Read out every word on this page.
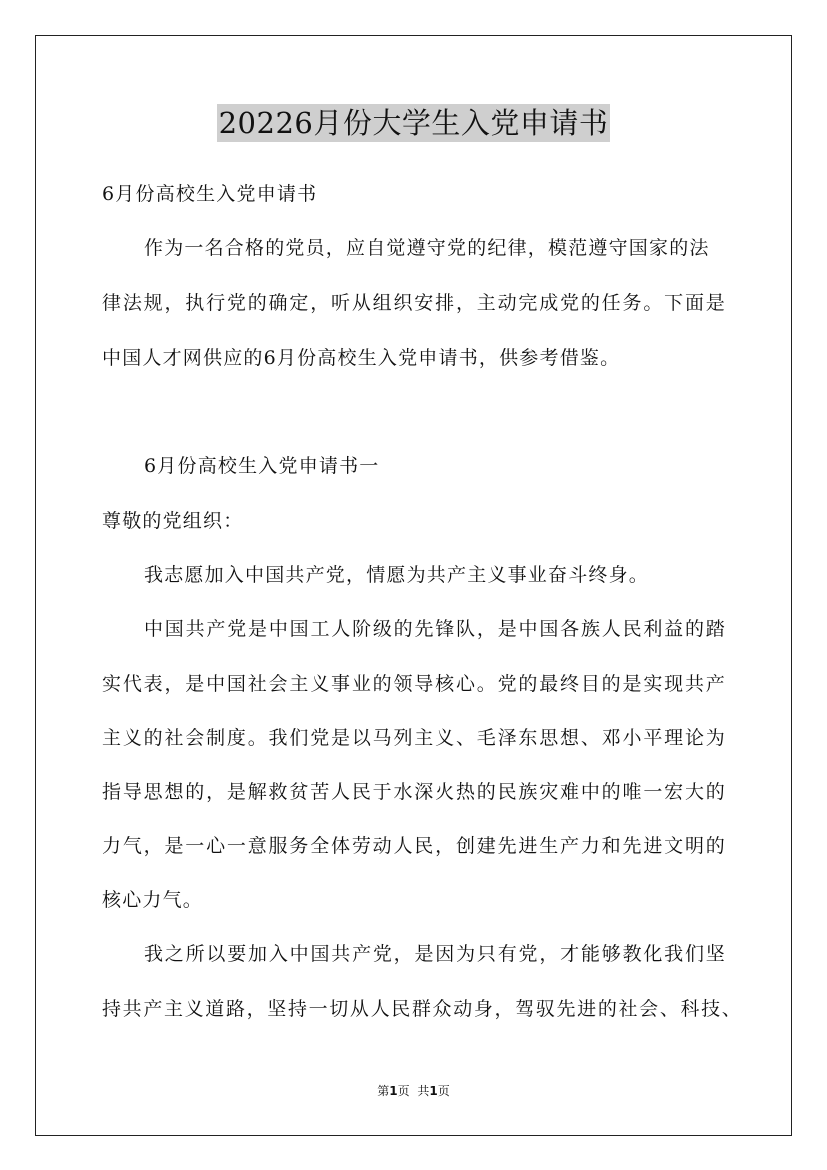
20226月份大学生入党申请书
6月份高校生入党申请书
作为一名合格的党员，应自觉遵守党的纪律，模范遵守国家的法
律法规，执行党的确定，听从组织安排，主动完成党的任务。下面是
中国人才网供应的6月份高校生入党申请书，供参考借鉴。
6月份高校生入党申请书一
尊敬的党组织：
我志愿加入中国共产党，情愿为共产主义事业奋斗终身。
中国共产党是中国工人阶级的先锋队，是中国各族人民利益的踏
实代表，是中国社会主义事业的领导核心。党的最终目的是实现共产
主义的社会制度。我们党是以马列主义、毛泽东思想、邓小平理论为
指导思想的，是解救贫苦人民于水深火热的民族灾难中的唯一宏大的
力气，是一心一意服务全体劳动人民，创建先进生产力和先进文明的
核心力气。
我之所以要加入中国共产党，是因为只有党，才能够教化我们坚
持共产主义道路，坚持一切从人民群众动身，驾驭先进的社会、科技、
第1页 共1页
